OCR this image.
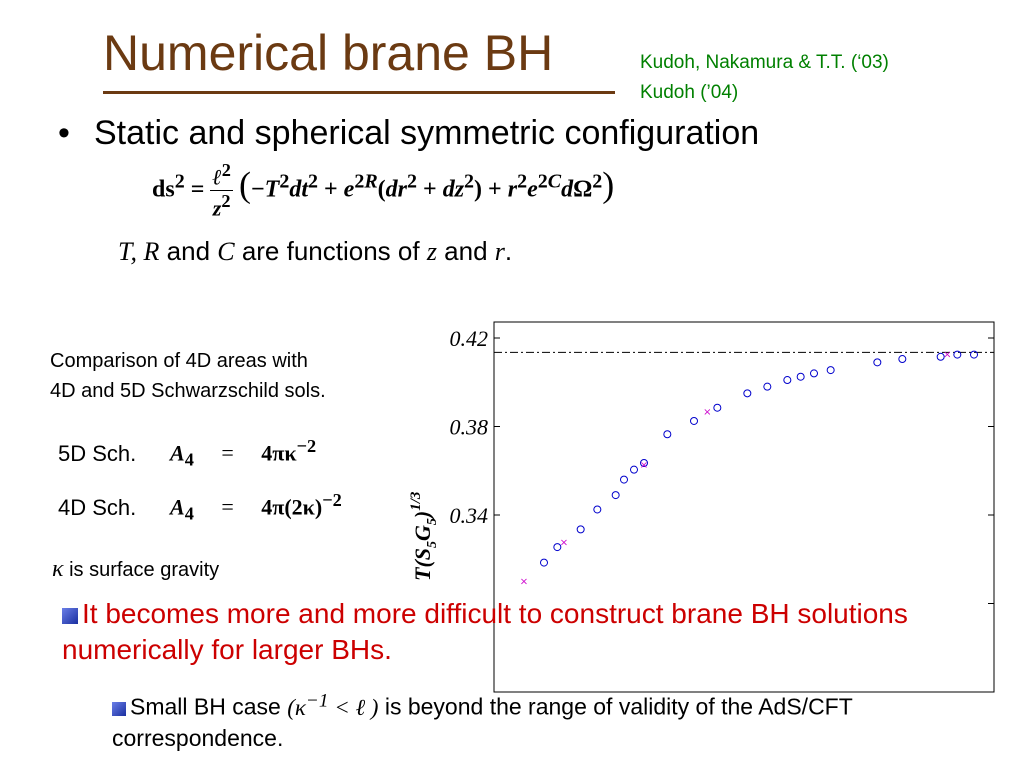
Numerical brane BH	Kudoh, Nakamura & T.T. (‘03)
Kudoh (’04)
• Static and spherical symmetric configuration
$ds^2$ = ℓ$^2$
$z^2$ $(-T^2dt^2 + e^{2R}(dr^2 + dz^2) + r^2e^{2C}d\Omega^2)$
T, R and C are functions of z and r.
Comparison of 4D areas with
4D and 5D Schwarzschild sols.
5D Sch. $A_4 = 4\pi\kappa^{-2}$
4D Sch. $A_4 = 4\pi(2\kappa)^{-2}$
κ is surface gravity
0.42
0.38
0.34
×
×
×
×
×
$T(S_5G_5)^{1/3}$
It becomes more and more difficult to construct brane BH solutions numerically for larger BHs.
Small BH case ($\kappa^{-1}$ < ℓ ) is beyond the range of validity of the AdS/CFT correspondence.
